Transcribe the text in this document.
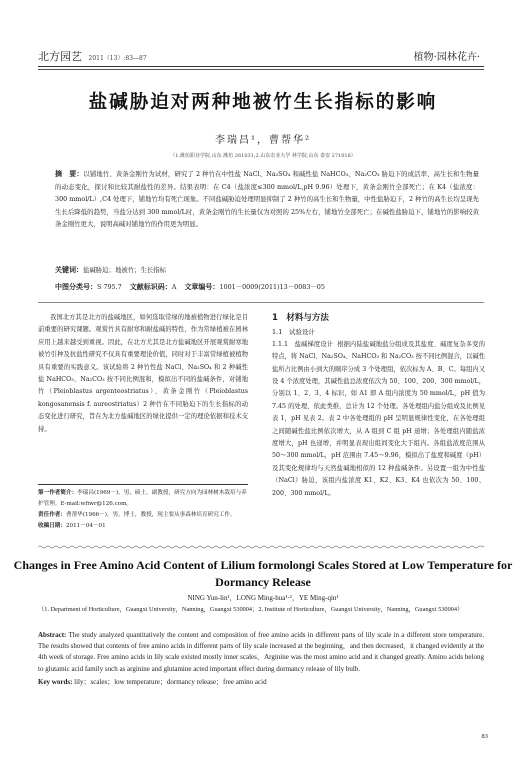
北方园艺 2011（13）:83—87	植物·园林花卉·
盐碱胁迫对两种地被竹生长指标的影响
李瑞昌¹，曹帮华²
（1.潍坊职业学院,山东 潍坊 261031;2.山东农业大学 林学院,山东 泰安 271018）
摘　要：以铺地竹、黄条金刚竹为试材，研究了 2 种竹在中性盐 NaCl、Na₂SO₄ 和碱性盐 NaHCO₃、Na₂CO₃ 胁迫下的成活率、高生长和生物量的动态变化，探讨和比较其耐盐性的差异。结果表明：在 C4（盐浓度≤300 mmol/L,pH 9.96）处理下，黄条金刚竹全部死亡；在 K4（盐浓度：300 mmol/L）,C4 处理下，铺地竹均有死亡现象。不同盐碱胁迫处理明显抑制了 2 种竹的高生长和生物量，中性盐胁迫下，2 种竹的高生长均呈现先生长后降低的趋势，当盐分达到 300 mmol/L时，黄条金刚竹的生长量仅为对照的 25%左右，铺地竹全部死亡；在碱性盐胁迫下，铺地竹的影响较黄条金刚竹更大，说明高碱对铺地竹的作用更为明显。
关键词：盐碱胁迫；地被竹；生长指标
中图分类号：S 795.7 文献标识码：A 文章编号：1001－0009(2011)13－0083－05
我国北方其是北方的盐碱地区，如何选取常绿的地被植物进行绿化是目前重要的研究课题。观赏竹具有耐寒和耐盐碱的特性，作为常绿植被在园林应用上越来越受到重视。因此，在北方尤其是北方盐碱地区开展观赏耐寒地被竹引种及抗盐性研究不仅具有重要理论价值，同时对于丰富常绿植被植物具有重要的实践意义。该试验将 2 种竹性盐 NaCl、Na₂SO₄ 和 2 种碱性盐 NaHCO₃、Na₂CO₃ 按不同比例混和，模拟出不同的盐碱条件，对铺地竹（Pleioblastus argenteostriatus）、黄条金刚竹（Pleioblastus kongosanensis f. aureostriatus）2 种竹在不同胁迫下的生长指标的动态变化进行研究，旨在为北方盐碱地区的绿化提供一定的理论依据和技术支持。
第一作者简介：李瑞昌(1969－)，男，硕士，副教授，研究方向为园林树木栽培与养护管理。E-mail:wfiwr@126.com。
责任作者：曹帮华(1966－)，男，博士，教授，现主要从事森林培育研究工作。
收稿日期：2011－04－01
1　材料与方法
1.1　试验设计
1.1.1　盐碱梯度设计 根据内陆盐碱地盐分组成及其盐度、碱度复杂多变的特点，将 NaCl、Na₂SO₄、NaHCO₃ 和 Na₂CO₃ 按不同比例混合，以碱性盐所占比例由小到大的顺序分成 3 个处理组，依次标为 A、B、C。每组内又设 4 个浓度处理，其碱性盐总浓度依次为 50、100、200、300 mmol/L，分别以 1、2、3、4 标识，如 A1 即 A 组内浓度为 50 mmol/L，pH 值为 7.45 的处理，依此类推，总计为 12 个处理。各处理组内盐分组成及比例见表 1，pH 见表 2。表 2 中各处理组的 pH 呈明显规律性变化，在各处理组之间随碱性盐比例依次增大，从 A 组到 C 组 pH 递增；各处理组内随盐浓度增大，pH 也递增，并明显表现出组间变化大于组内。各组盐浓度范围从 50～300 mmol/L，pH 范围由 7.45～9.96，模拟出了盐度和碱度（pH）及其变化规律均与天然盐碱地相似的 12 种盐碱条件。另设置一组为中性盐（NaCl）胁迫，该组内盐浓度 K1、K2、K3、K4 也依次为 50、100、200、300 mmol/L。
Changes in Free Amino Acid Content of Lilium formolongi Scales Stored at Low Temperature for Dormancy Release
NING Yun-lin¹，LONG Ming-hua¹·²，YE Ming-qin¹
（1. Department of Horticulture，Guangxi University，Nanning，Guangxi 530004；2. Institute of Horticulture，Guangxi University，Nanning，Guangxi 530004）
Abstract: The study analyzed quantitatively the content and composition of free amino acids in different parts of lily scale in a different store temperature. The results showed that contents of free amino acids in different parts of lily scale increased at the beginning，and then decreased，it changed evidently at the 4th week of storage. Free amino acids in lily scale existed mostly inner scales，Arginine was the most amino acid and it changed greatly. Amino acids belong to glutamic acid family such as arginine and glutamine acted important effect during dormancy release of lily bulb.
Key words: lily；scales；low temperature；dormancy release；free amino acid
83
